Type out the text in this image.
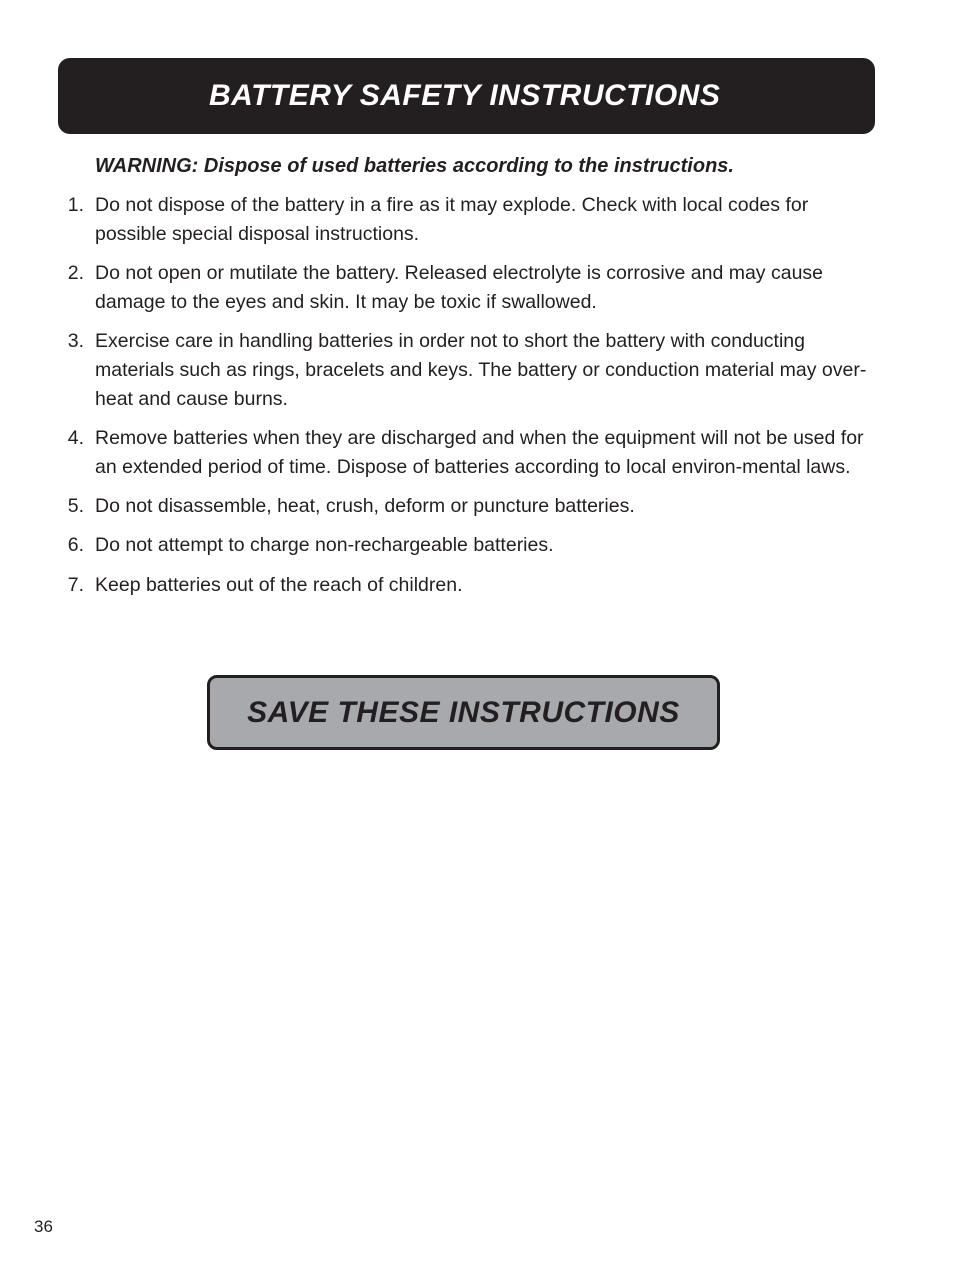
BATTERY SAFETY INSTRUCTIONS
WARNING: Dispose of used batteries according to the instructions.
1. Do not dispose of the battery in a fire as it may explode. Check with local codes for possible special disposal instructions.
2. Do not open or mutilate the battery. Released electrolyte is corrosive and may cause damage to the eyes and skin. It may be toxic if swallowed.
3. Exercise care in handling batteries in order not to short the battery with conducting materials such as rings, bracelets and keys. The battery or conduction material may over-heat and cause burns.
4. Remove batteries when they are discharged and when the equipment will not be used for an extended period of time. Dispose of batteries according to local environ-mental laws.
5. Do not disassemble, heat, crush, deform or puncture batteries.
6. Do not attempt to charge non-rechargeable batteries.
7. Keep batteries out of the reach of children.
SAVE THESE INSTRUCTIONS
36
